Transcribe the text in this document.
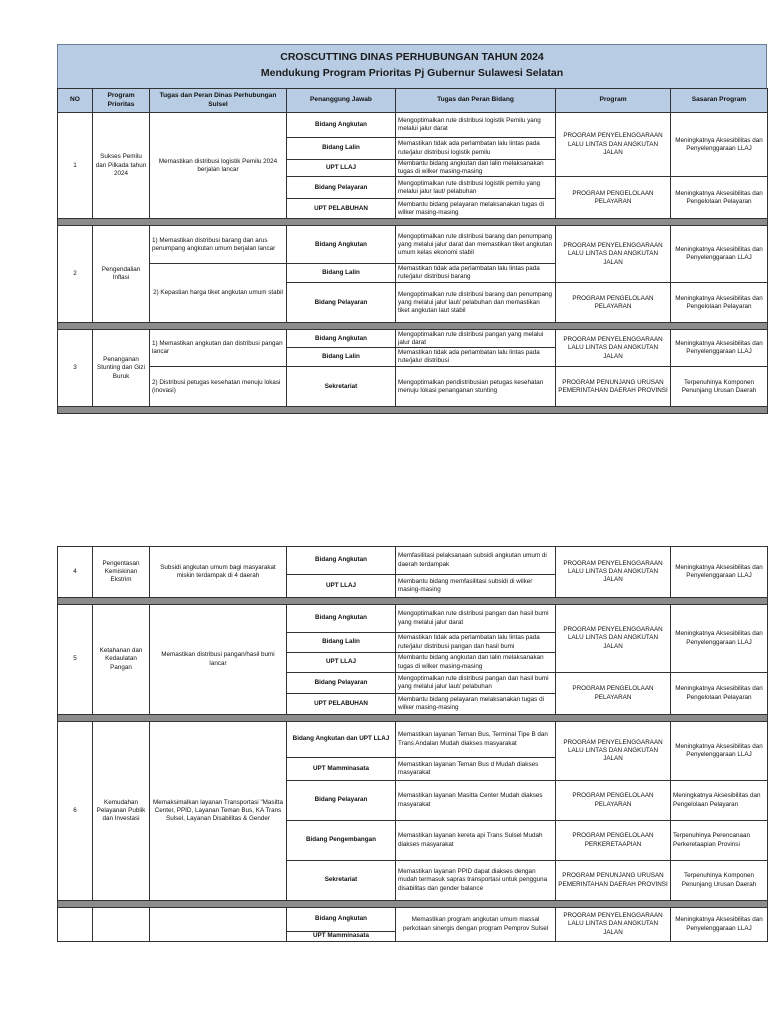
CROSCUTTING DINAS PERHUBUNGAN TAHUN 2024
Mendukung Program Prioritas Pj Gubernur Sulawesi Selatan
NO	Program Prioritas	Tugas dan Peran Dinas Perhubungan Sulsel	Penanggung Jawab	Tugas dan Peran Bidang	Program	Sasaran Program
1	Sukses Pemilu dan Pilkada tahun 2024	Memastikan distribusi logistik Pemilu 2024 berjalan lancar	Bidang Angkutan	Mengoptimalkan rute distribusi logistik Pemilu yang melalui jalur darat	PROGRAM PENYELENGGARAAN LALU LINTAS DAN ANGKUTAN JALAN	Meningkatnya Aksesibilitas dan Penyelenggaraan LLAJ
			Bidang Lalin	Memastikan tidak ada perlambatan lalu lintas pada rute/jalur distribusi logistik pemilu		
			UPT LLAJ	Membantu bidang angkutan dan lalin melaksanakan tugas di wilker masing-masing		
			Bidang Pelayaran	Mengoptimalkan rute distribusi logistik pemilu yang melalui jalur laut/ pelabuhan	PROGRAM PENGELOLAAN PELAYARAN	Meningkatnya Aksesibilitas dan Pengelolaan Pelayaran
			UPT PELABUHAN	Membantu bidang pelayaran melaksanakan tugas di wilker masing-masing		

2	Pengendalian Inflasi	1) Memastikan distribusi barang dan arus penumpang angkutan umum berjalan lancar	Bidang Angkutan	Mengoptimalkan rute distribusi barang dan penumpang yang melalui jalur darat dan memastikan tiket angkutan umum kelas ekonomi stabil	PROGRAM PENYELENGGARAAN LALU LINTAS DAN ANGKUTAN JALAN	Meningkatnya Aksesibilitas dan Penyelenggaraan LLAJ
		2) Kepastian harga tiket angkutan umum stabil	Bidang Lalin	Memastikan tidak ada perlambatan lalu lintas pada rute/jalur distribusi barang		
			Bidang Pelayaran	Mengoptimalkan rute distribusi barang dan penumpang yang melalui jalur laut/ pelabuhan dan memastikan tiket angkutan laut stabil	PROGRAM PENGELOLAAN PELAYARAN	Meningkatnya Aksesibilitas dan Pengelolaan Pelayaran

3	Penanganan Stunting dan Gizi Buruk	1) Memastikan angkutan dan distribusi pangan lancar	Bidang Angkutan	Mengoptimalkan rute distribusi pangan yang melalui jalur darat	PROGRAM PENYELENGGARAAN LALU LINTAS DAN ANGKUTAN JALAN	Meningkatnya Aksesibilitas dan Penyelenggaraan LLAJ
			Bidang Lalin	Memastikan tidak ada perlambatan lalu lintas pada rute/jalur distribusi		
		2) Distribusi petugas kesehatan menuju lokasi (inovasi)	Sekretariat	Mengoptimalkan pendistribusian petugas kesehatan menuju lokasi penanganan stunting	PROGRAM PENUNJANG URUSAN PEMERINTAHAN DAERAH PROVINSI	Terpenuhinya Komponen Penunjang Urusan Daerah

4	Pengentasan Kemiskinan Ekstrim	Subsidi angkutan umum bagi masyarakat miskin terdampak di 4 daerah	Bidang Angkutan	Memfasilitasi pelaksanaan subsidi angkutan umum di daerah terdampak	PROGRAM PENYELENGGARAAN LALU LINTAS DAN ANGKUTAN JALAN	Meningkatnya Aksesibilitas dan Penyelenggaraan LLAJ
			UPT LLAJ	Membantu bidang memfasilitasi subsidi di wilker masing-masing		

5	Ketahanan dan Kedaulatan Pangan	Memastikan distribusi pangan/hasil bumi lancar	Bidang Angkutan	Mengoptimalkan rute distribusi pangan dan hasil bumi yang melalui jalur darat	PROGRAM PENYELENGGARAAN LALU LINTAS DAN ANGKUTAN JALAN	Meningkatnya Aksesibilitas dan Penyelenggaraan LLAJ
			Bidang Lalin	Memastikan tidak ada perlambatan lalu lintas pada rute/jalur distribusi pangan dan hasil bumi		
			UPT LLAJ	Membantu bidang angkutan dan lalin melaksanakan tugas di wilker masing-masing		
			Bidang Pelayaran	Mengoptimalkan rute distribusi pangan dan hasil bumi yang melalui jalur laut/ pelabuhan	PROGRAM PENGELOLAAN PELAYARAN	Meningkatnya Aksesibilitas dan Pengelolaan Pelayaran
			UPT PELABUHAN	Membantu bidang pelayaran melaksanakan tugas di wilker masing-masing		

6	Kemudahan Pelayanan Publik dan Investasi	Memaksimalkan layanan Transportasi "Masitta Center, PPID, Layanan Teman Bus, KA Trans Sulsel, Layanan Disabilitas & Gender	Bidang Angkutan dan UPT LLAJ	Memastikan layanan Teman Bus, Terminal Tipe B dan Trans Andalan Mudah diakses masyarakat	PROGRAM PENYELENGGARAAN LALU LINTAS DAN ANGKUTAN JALAN	Meningkatnya Aksesibilitas dan Penyelenggaraan LLAJ
			UPT Mamminasata	Memastikan layanan Teman Bus d Mudah diakses masyarakat		
			Bidang Pelayaran	Memastikan layanan Masitta Center Mudah diakses masyarakat	PROGRAM PENGELOLAAN PELAYARAN	Meningkatnya Aksesibilitas dan Pengelolaan Pelayaran
			Bidang Pengembangan	Memastikan layanan kereta api Trans Sulsel Mudah diakses masyarakat	PROGRAM PENGELOLAAN PERKERETAAPIAN	Terpenuhinya Perencanaan Perkeretaapian Provinsi
			Sekretariat	Memastikan layanan PPID dapat diakses dengan mudah termasuk sapras transportasi untuk pengguna disabilitas dan gender balance	PROGRAM PENUNJANG URUSAN PEMERINTAHAN DAERAH PROVINSI	Terpenuhinya Komponen Penunjang Urusan Daerah

			Bidang Angkutan	Memastikan program angkutan umum massal perkotaan sinergis dengan program Pemprov Sulsel	PROGRAM PENYELENGGARAAN LALU LINTAS DAN ANGKUTAN JALAN	Meningkatnya Aksesibilitas dan Penyelenggaraan LLAJ
			UPT Mamminasata			
